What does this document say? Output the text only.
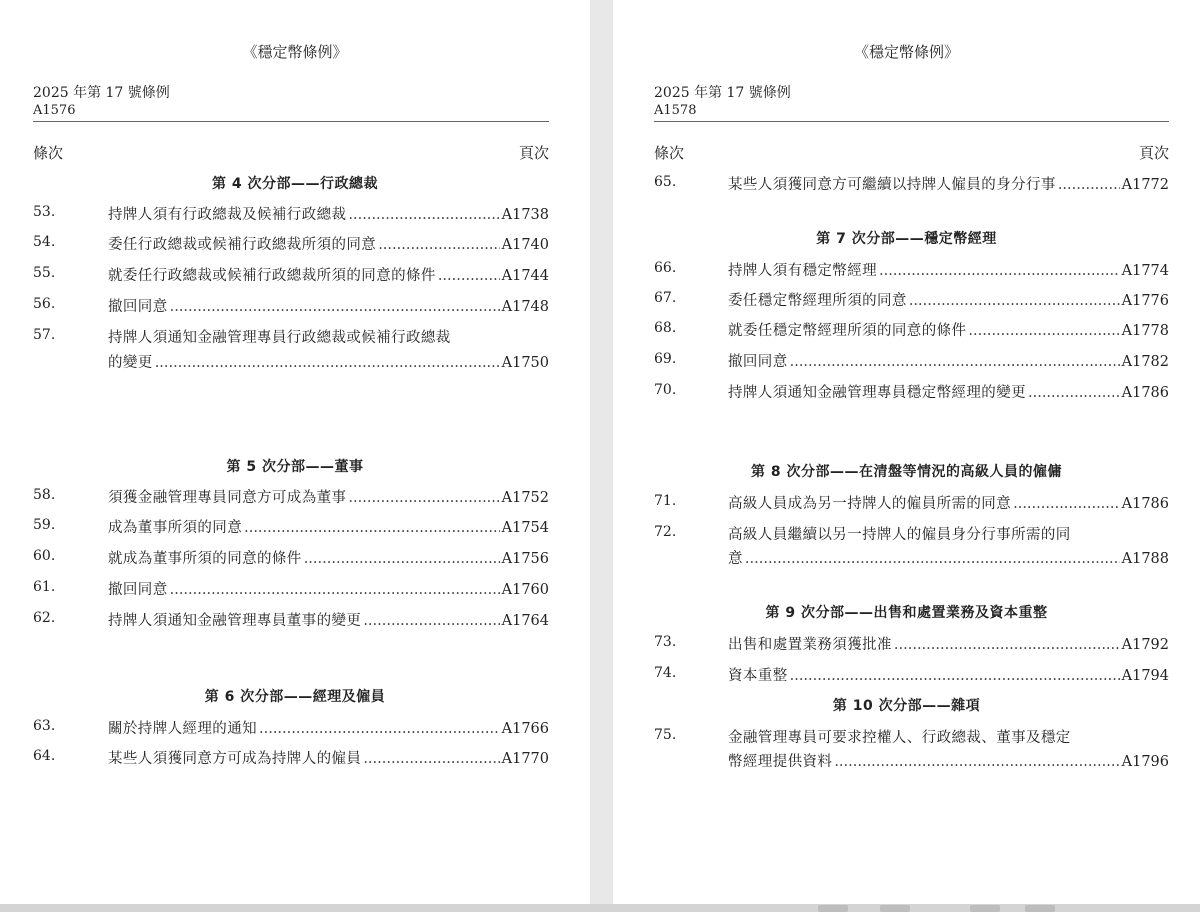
《穩定幣條例》
2025 年第 17 號條例
A1576
條次	頁次
第 4 次分部——行政總裁
53.	持牌人須有行政總裁及候補行政總裁 .....	A1738
54.	委任行政總裁或候補行政總裁所須的同意 .....	A1740
55.	就委任行政總裁或候補行政總裁所須的同意的條件 .....	A1744
56.	撤回同意 .....	A1748
57.	持牌人須通知金融管理專員行政總裁或候補行政總裁
的變更 .....	A1750
第 5 次分部——董事
58.	須獲金融管理專員同意方可成為董事 .....	A1752
59.	成為董事所須的同意 .....	A1754
60.	就成為董事所須的同意的條件 .....	A1756
61.	撤回同意 .....	A1760
62.	持牌人須通知金融管理專員董事的變更 .....	A1764
第 6 次分部——經理及僱員
63.	關於持牌人經理的通知 .....	A1766
64.	某些人須獲同意方可成為持牌人的僱員 .....	A1770
《穩定幣條例》
2025 年第 17 號條例
A1578
條次	頁次
65.	某些人須獲同意方可繼續以持牌人僱員的身分行事 .....	A1772
第 7 次分部——穩定幣經理
66.	持牌人須有穩定幣經理 .....	A1774
67.	委任穩定幣經理所須的同意 .....	A1776
68.	就委任穩定幣經理所須的同意的條件 .....	A1778
69.	撤回同意 .....	A1782
70.	持牌人須通知金融管理專員穩定幣經理的變更 .....	A1786
第 8 次分部——在清盤等情況的高級人員的僱傭
71.	高級人員成為另一持牌人的僱員所需的同意 .....	A1786
72.	高級人員繼續以另一持牌人的僱員身分行事所需的同
意 .....	A1788
第 9 次分部——出售和處置業務及資本重整
73.	出售和處置業務須獲批准 .....	A1792
74.	資本重整 .....	A1794
第 10 次分部——雜項
75.	金融管理專員可要求控權人、行政總裁、董事及穩定
幣經理提供資料 .....	A1796
